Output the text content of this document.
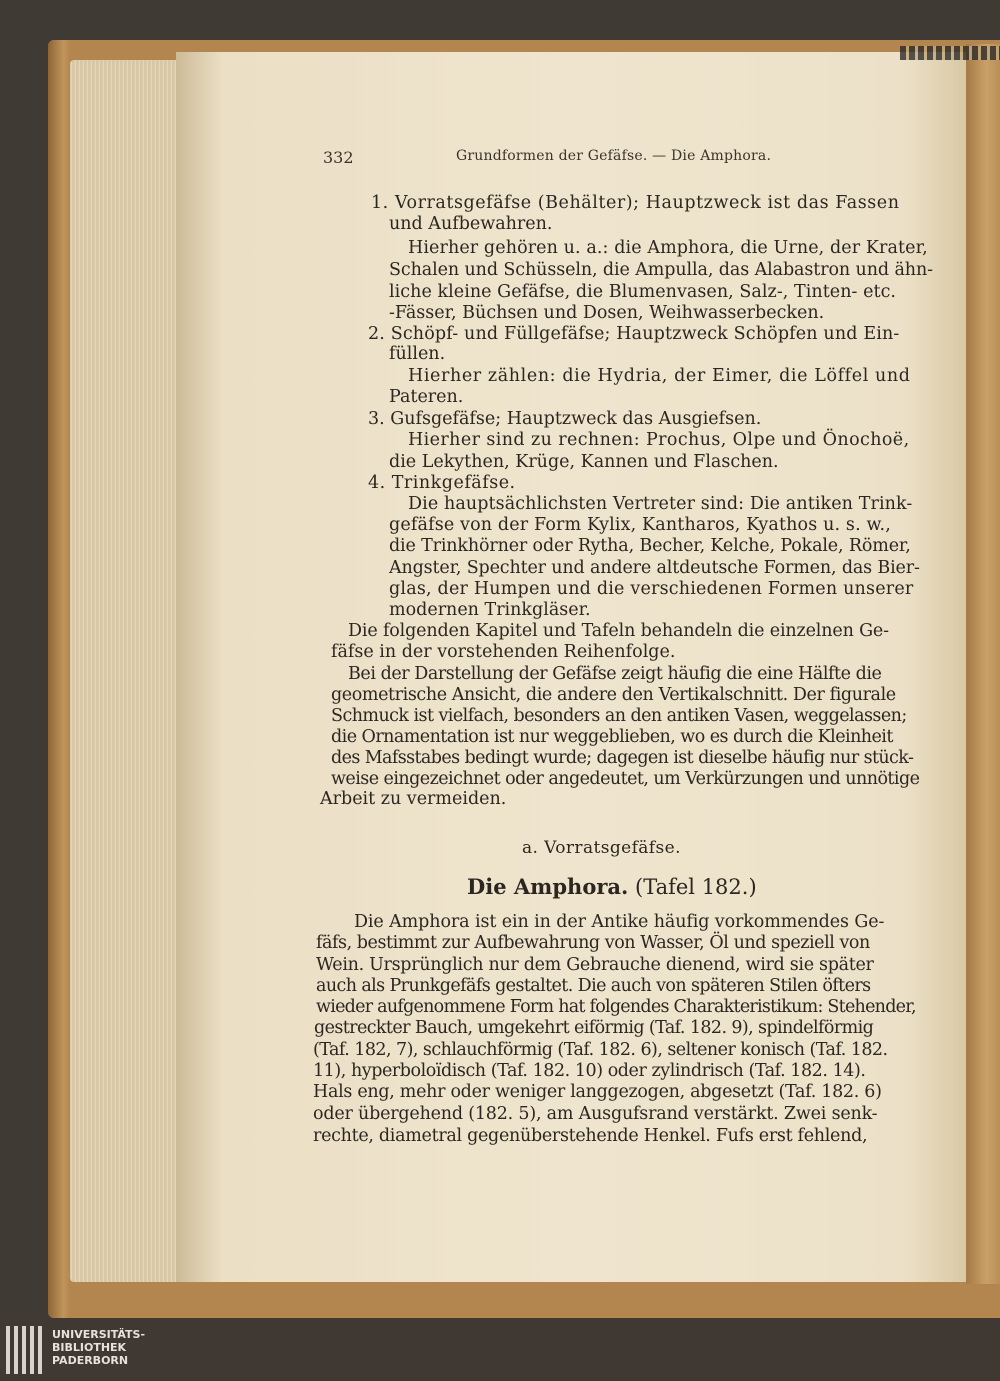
332	Grundformen der Gefäfse. — Die Amphora.
1. Vorratsgefäfse (Behälter); Hauptzweck ist das Fassen
und Aufbewahren.
Hierher gehören u. a.: die Amphora, die Urne, der Krater,
Schalen und Schüsseln, die Ampulla, das Alabastron und ähn-
liche kleine Gefäfse, die Blumenvasen, Salz-, Tinten- etc.
-Fässer, Büchsen und Dosen, Weihwasserbecken.
2. Schöpf- und Füllgefäfse; Hauptzweck Schöpfen und Ein-
füllen.
Hierher zählen: die Hydria, der Eimer, die Löffel und
Pateren.
3. Gufsgefäfse; Hauptzweck das Ausgiefsen.
Hierher sind zu rechnen: Prochus, Olpe und Önochoë,
die Lekythen, Krüge, Kannen und Flaschen.
4. Trinkgefäfse.
Die hauptsächlichsten Vertreter sind: Die antiken Trink-
gefäfse von der Form Kylix, Kantharos, Kyathos u. s. w.,
die Trinkhörner oder Rytha, Becher, Kelche, Pokale, Römer,
Angster, Spechter und andere altdeutsche Formen, das Bier-
glas, der Humpen und die verschiedenen Formen unserer
modernen Trinkgläser.
Die folgenden Kapitel und Tafeln behandeln die einzelnen Ge-
fäfse in der vorstehenden Reihenfolge.
Bei der Darstellung der Gefäfse zeigt häufig die eine Hälfte die
geometrische Ansicht, die andere den Vertikalschnitt. Der figurale
Schmuck ist vielfach, besonders an den antiken Vasen, weggelassen;
die Ornamentation ist nur weggeblieben, wo es durch die Kleinheit
des Mafsstabes bedingt wurde; dagegen ist dieselbe häufig nur stück-
weise eingezeichnet oder angedeutet, um Verkürzungen und unnötige
Arbeit zu vermeiden.
a. Vorratsgefäfse.
Die Amphora. (Tafel 182.)
Die Amphora ist ein in der Antike häufig vorkommendes Ge-
fäfs, bestimmt zur Aufbewahrung von Wasser, Öl und speziell von
Wein. Ursprünglich nur dem Gebrauche dienend, wird sie später
auch als Prunkgefäfs gestaltet. Die auch von späteren Stilen öfters
wieder aufgenommene Form hat folgendes Charakteristikum: Stehender,
gestreckter Bauch, umgekehrt eiförmig (Taf. 182. 9), spindelförmig
(Taf. 182, 7), schlauchförmig (Taf. 182. 6), seltener konisch (Taf. 182.
11), hyperboloïdisch (Taf. 182. 10) oder zylindrisch (Taf. 182. 14).
Hals eng, mehr oder weniger langgezogen, abgesetzt (Taf. 182. 6)
oder übergehend (182. 5), am Ausgufsrand verstärkt. Zwei senk-
rechte, diametral gegenüberstehende Henkel. Fufs erst fehlend,
UNIVERSITÄTS-
BIBLIOTHEK
PADERBORN
